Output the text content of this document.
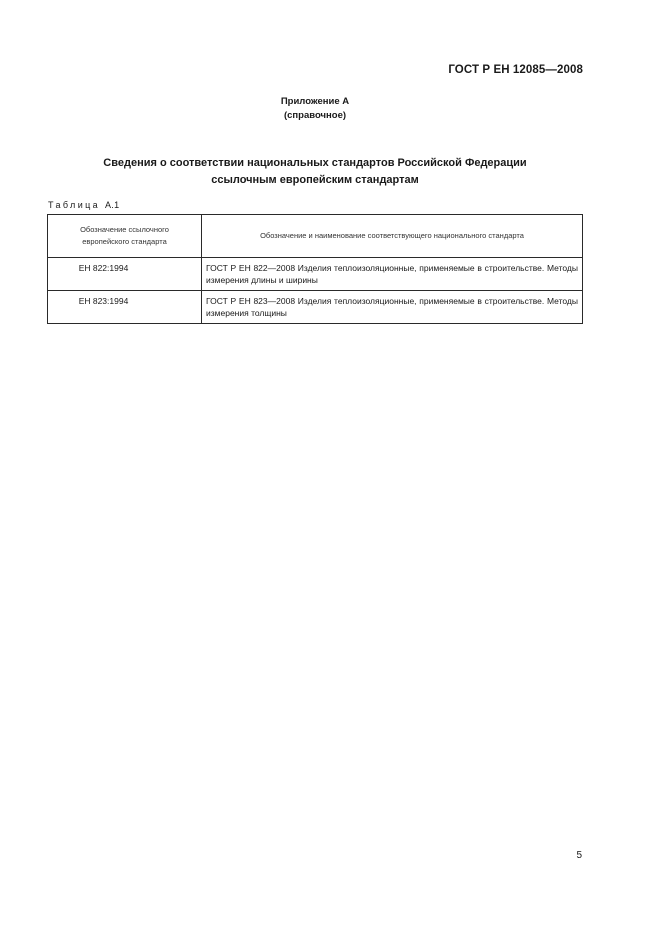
ГОСТ Р ЕН 12085—2008
Приложение А
(справочное)
Сведения о соответствии национальных стандартов Российской Федерации
ссылочным европейским стандартам
Таблица А.1
Обозначение ссылочного европейского стандарта	Обозначение и наименование соответствующего национального стандарта
ЕН 822:1994	ГОСТ Р ЕН 822—2008 Изделия теплоизоляционные, применяемые в строительстве. Методы измерения длины и ширины
ЕН 823:1994	ГОСТ Р ЕН 823—2008 Изделия теплоизоляционные, применяемые в строительстве. Методы измерения толщины
5
